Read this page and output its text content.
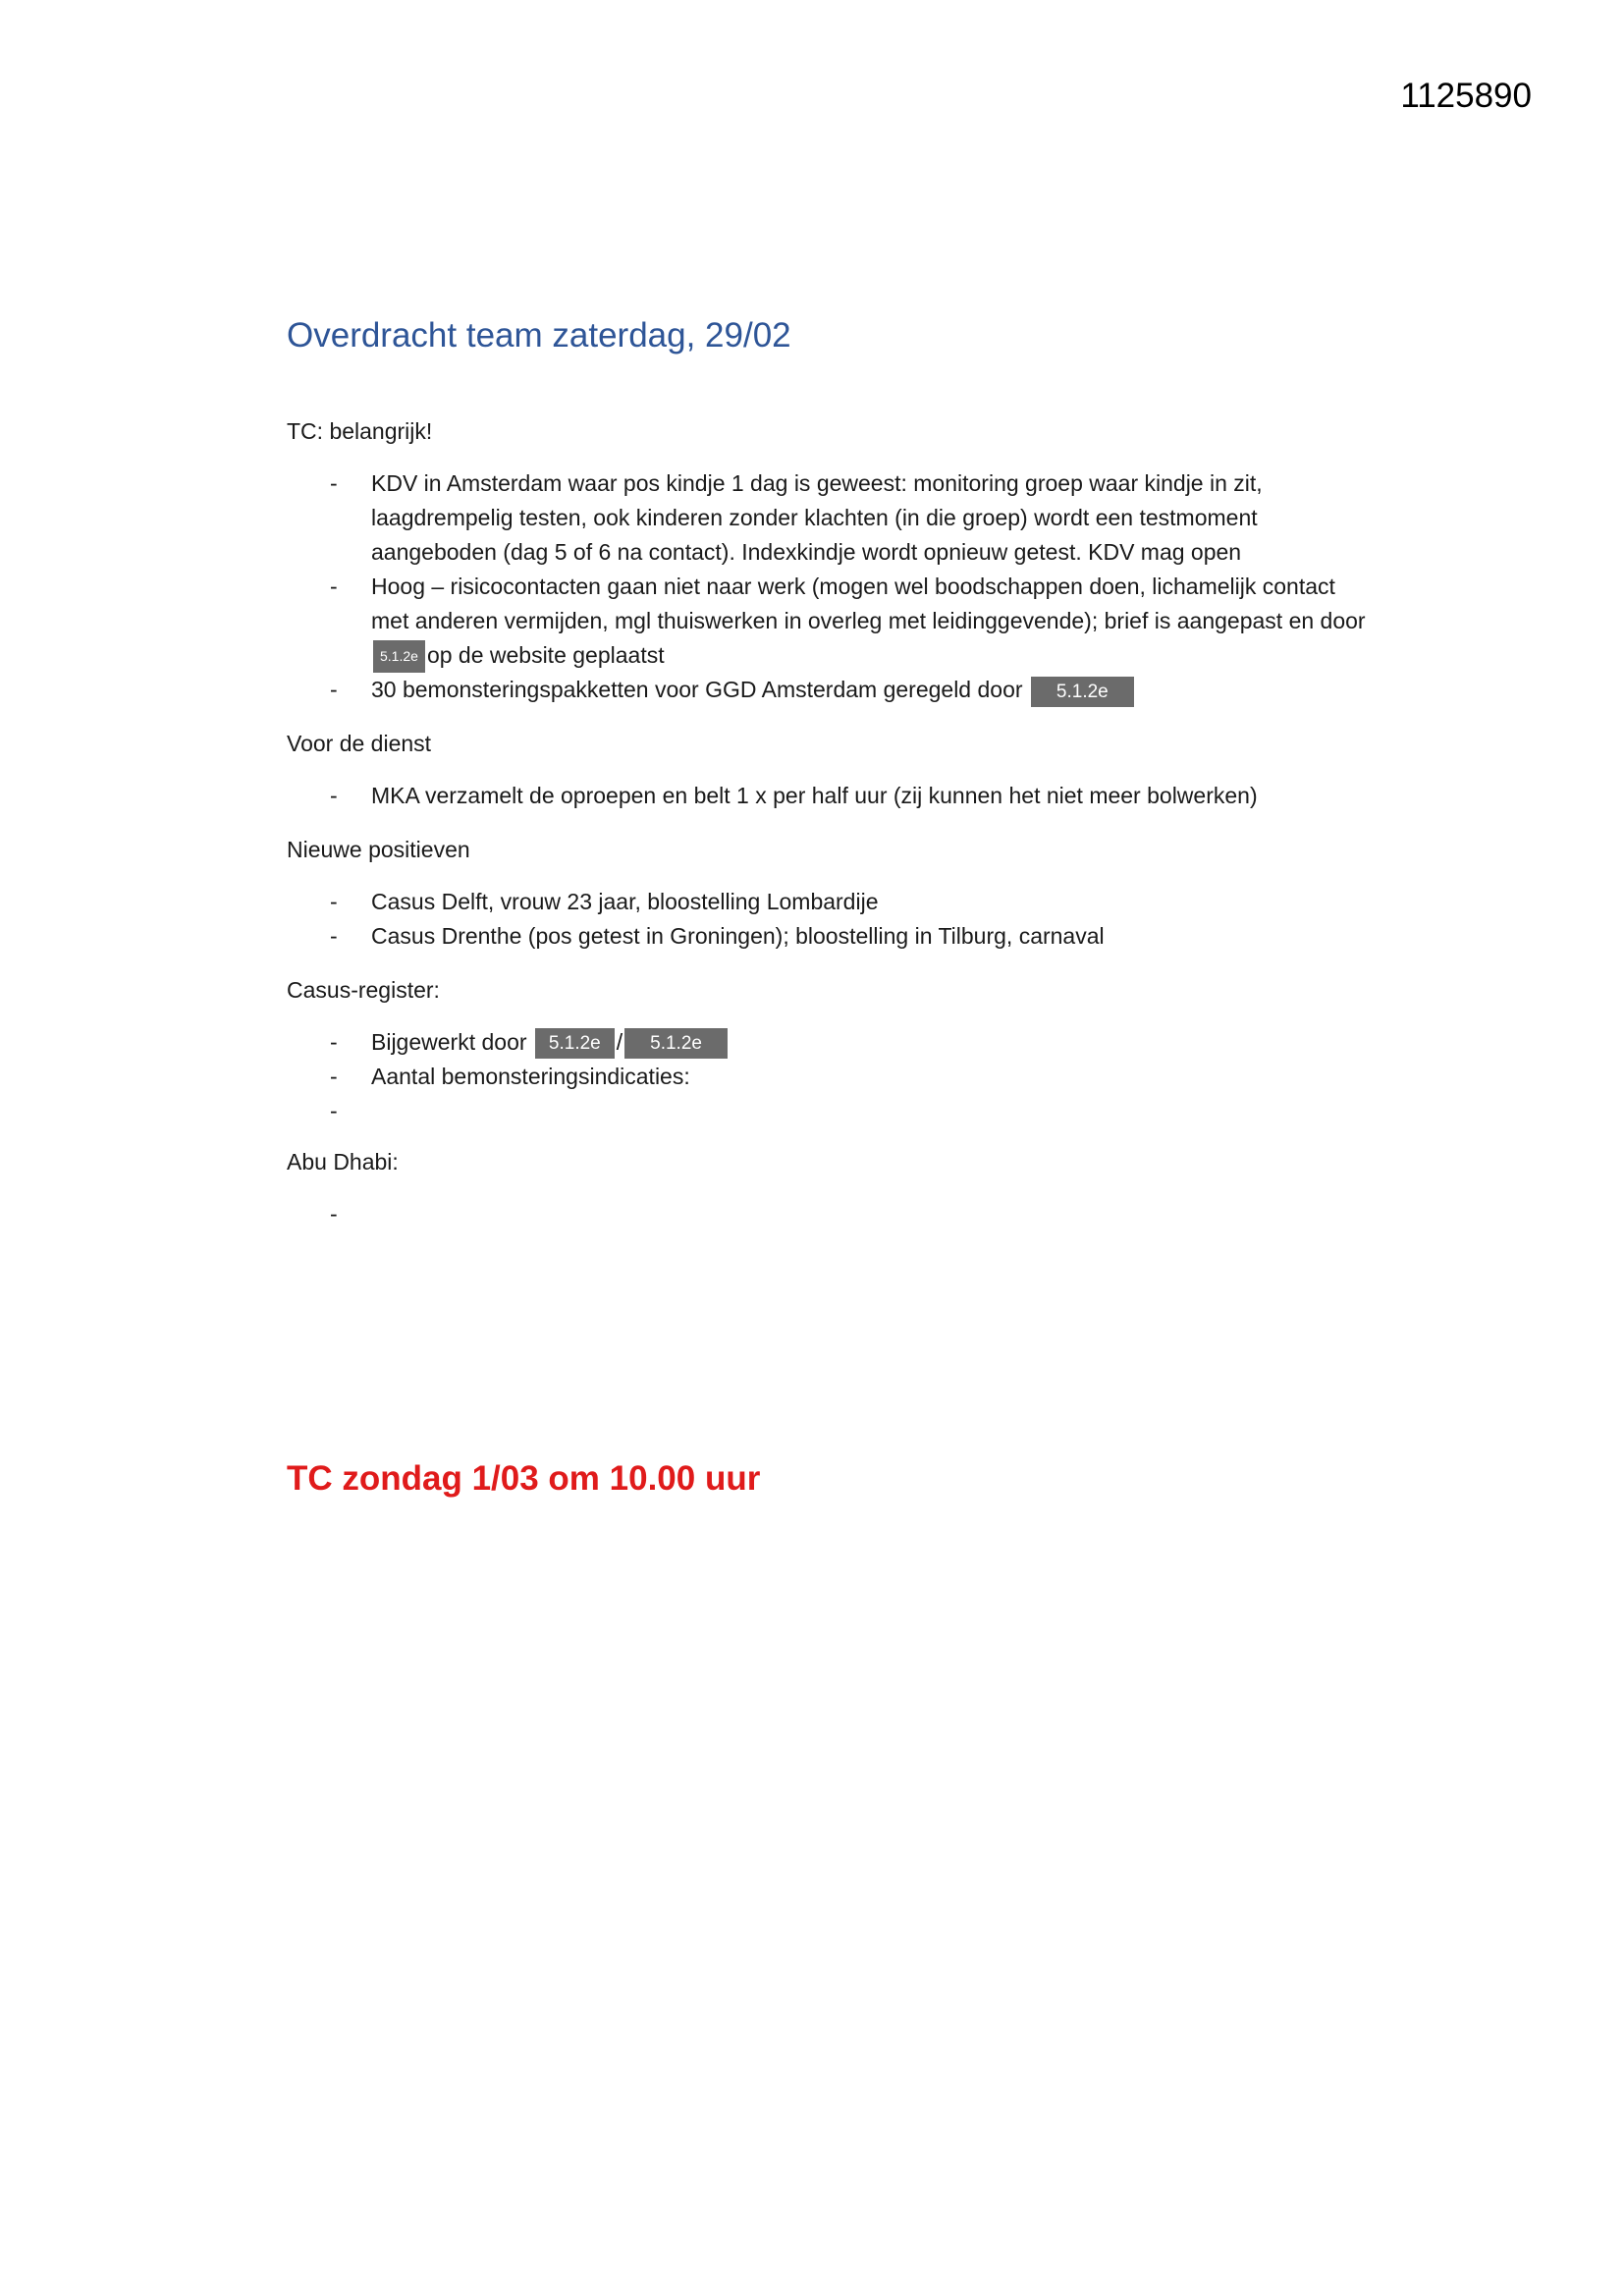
1125890
Overdracht team zaterdag, 29/02

TC: belangrijk!

- KDV in Amsterdam waar pos kindje 1 dag is geweest: monitoring groep waar kindje in zit, laagdrempelig testen, ook kinderen zonder klachten (in die groep) wordt een testmoment aangeboden (dag 5 of 6 na contact). Indexkindje wordt opnieuw getest. KDV mag open
- Hoog – risicocontacten gaan niet naar werk (mogen wel boodschappen doen, lichamelijk contact met anderen vermijden, mgl thuiswerken in overleg met leidinggevende); brief is aangepast en door 5.1.2e op de website geplaatst
- 30 bemonsteringspakketten voor GGD Amsterdam geregeld door 5.1.2e

Voor de dienst

- MKA verzamelt de oproepen en belt 1 x per half uur (zij kunnen het niet meer bolwerken)

Nieuwe positieven

- Casus Delft, vrouw 23 jaar, bloostelling Lombardije
- Casus Drenthe (pos getest in Groningen); bloostelling in Tilburg, carnaval

Casus-register:

- Bijgewerkt door 5.1.2e / 5.1.2e
- Aantal bemonsteringsindicaties:

Abu Dhabi:

TC zondag 1/03 om 10.00 uur
